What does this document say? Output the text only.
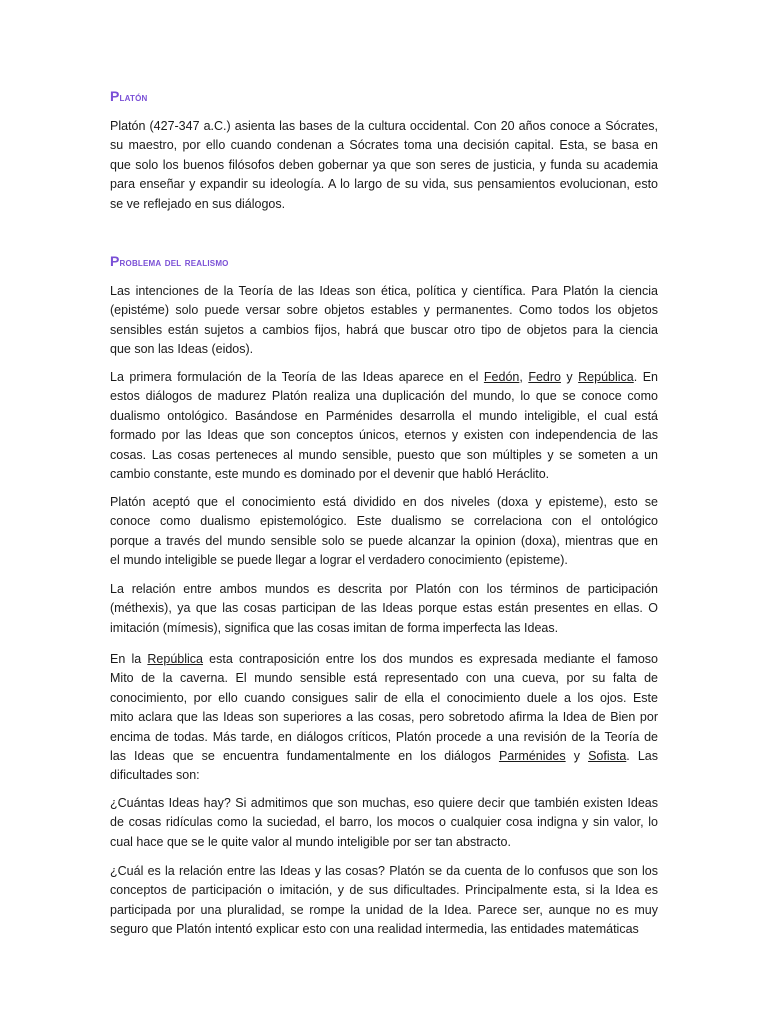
Platón
Platón (427-347 a.C.) asienta las bases de la cultura occidental. Con 20 años conoce a Sócrates,
su maestro, por ello cuando condenan a Sócrates toma una decisión capital. Esta, se basa en
que solo los buenos filósofos deben gobernar ya que son seres de justicia, y funda su academia
para enseñar y expandir su ideología. A lo largo de su vida, sus pensamientos evolucionan, esto
se ve reflejado en sus diálogos.
Problema del realismo
Las intenciones de la Teoría de las Ideas son ética, política y científica. Para Platón la ciencia
(epistéme) solo puede versar sobre objetos estables y permanentes. Como todos los objetos
sensibles están sujetos a cambios fijos, habrá que buscar otro tipo de objetos para la ciencia
que son las Ideas (eidos).
La primera formulación de la Teoría de las Ideas aparece en el Fedón, Fedro y República. En
estos diálogos de madurez Platón realiza una duplicación del mundo, lo que se conoce como
dualismo ontológico. Basándose en Parménides desarrolla el mundo inteligible, el cual está
formado por las Ideas que son conceptos únicos, eternos y existen con independencia de las
cosas. Las cosas perteneces al mundo sensible, puesto que son múltiples y se someten a un
cambio constante, este mundo es dominado por el devenir que habló Heráclito.
Platón aceptó que el conocimiento está dividido en dos niveles (doxa y episteme), esto se
conoce como dualismo epistemológico. Este dualismo se correlaciona con el ontológico
porque a través del mundo sensible solo se puede alcanzar la opinion (doxa), mientras que en
el mundo inteligible se puede llegar a lograr el verdadero conocimiento (episteme).
La relación entre ambos mundos es descrita por Platón con los términos de participación
(méthexis), ya que las cosas participan de las Ideas porque estas están presentes en ellas. O
imitación (mímesis), significa que las cosas imitan de forma imperfecta las Ideas.
En la República esta contraposición entre los dos mundos es expresada mediante el famoso
Mito de la caverna. El mundo sensible está representado con una cueva, por su falta de
conocimiento, por ello cuando consigues salir de ella el conocimiento duele a los ojos. Este
mito aclara que las Ideas son superiores a las cosas, pero sobretodo afirma la Idea de Bien por
encima de todas. Más tarde, en diálogos críticos, Platón procede a una revisión de la Teoría de
las Ideas que se encuentra fundamentalmente en los diálogos Parménides y Sofista. Las
dificultades son:
¿Cuántas Ideas hay? Si admitimos que son muchas, eso quiere decir que también existen Ideas
de cosas ridículas como la suciedad, el barro, los mocos o cualquier cosa indigna y sin valor, lo
cual hace que se le quite valor al mundo inteligible por ser tan abstracto.
¿Cuál es la relación entre las Ideas y las cosas? Platón se da cuenta de lo confusos que son los
conceptos de participación o imitación, y de sus dificultades. Principalmente esta, si la Idea es
participada por una pluralidad, se rompe la unidad de la Idea. Parece ser, aunque no es muy
seguro que Platón intentó explicar esto con una realidad intermedia, las entidades matemáticas
